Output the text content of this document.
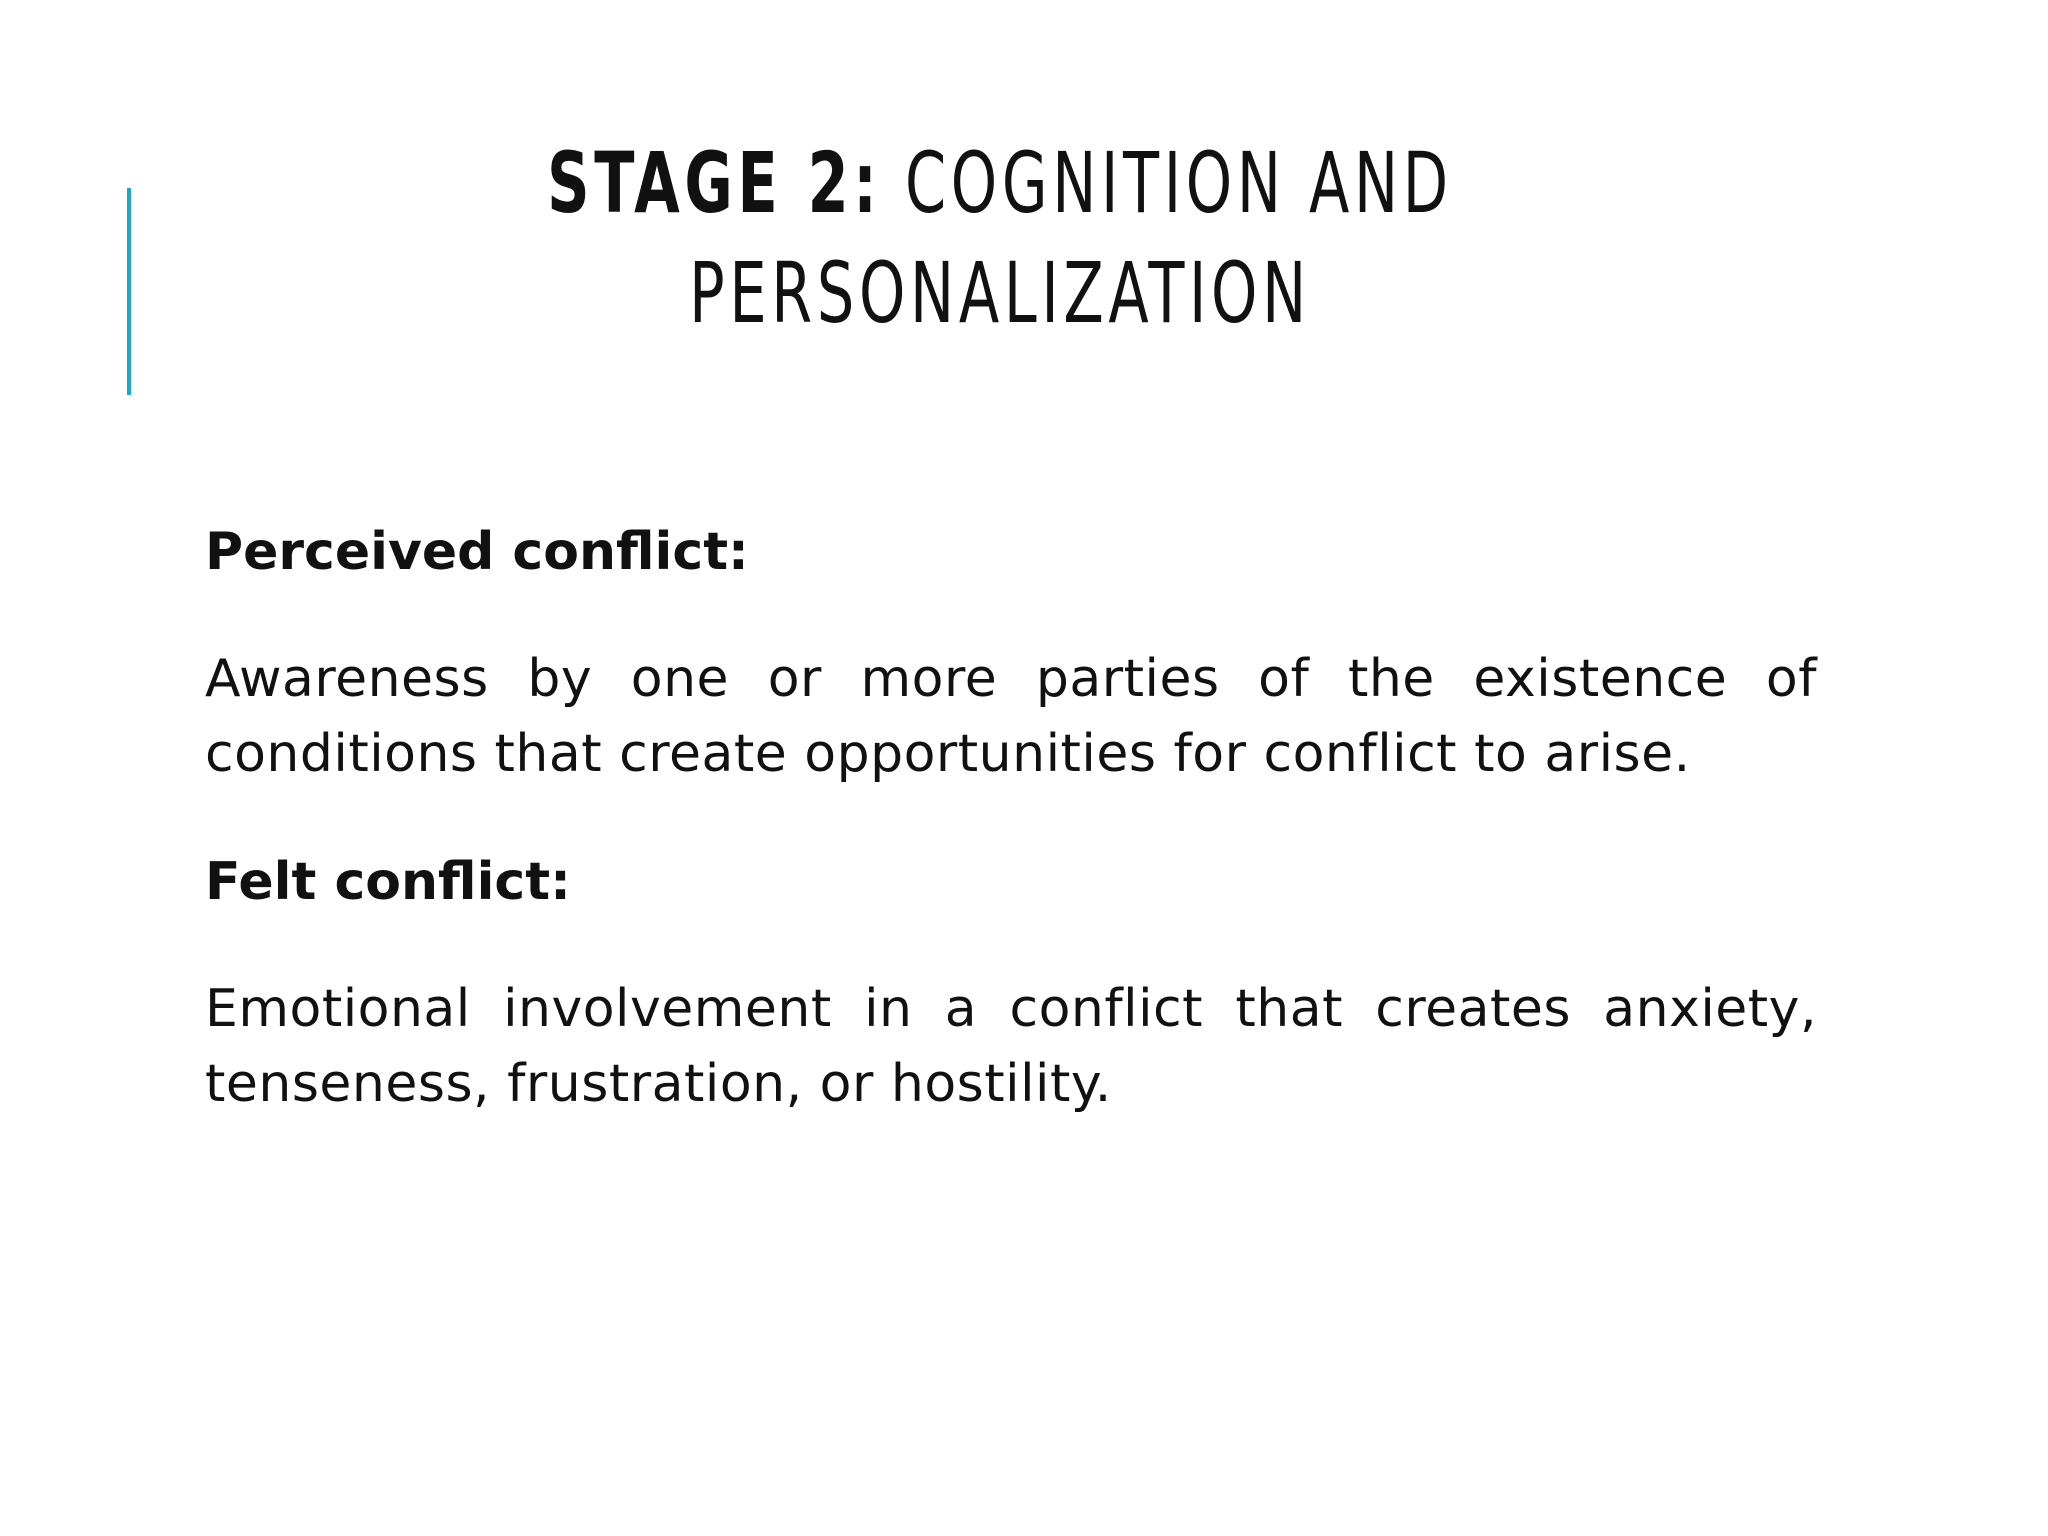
STAGE 2: COGNITION AND PERSONALIZATION
Perceived conflict:
Awareness by one or more parties of the existence of conditions that create opportunities for conflict to arise.
Felt conflict:
Emotional involvement in a conflict that creates anxiety, tenseness, frustration, or hostility.
